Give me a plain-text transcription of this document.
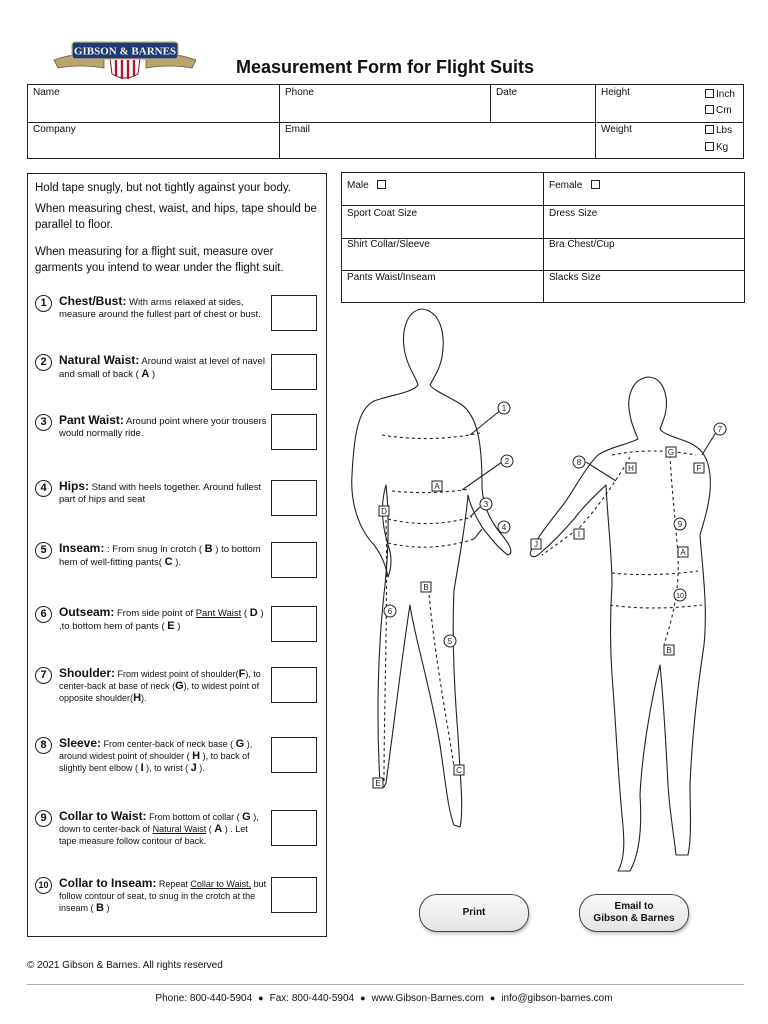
GIBSON & BARNES
Measurement Form for Flight Suits
Name	Phone	Date	Height
Company	Email	Weight
Inch
Cm
Lbs
Kg
Hold tape snugly, but not tightly against your body.
When measuring chest, waist, and hips, tape should be parallel to floor.
When measuring for a flight suit, measure over garments you intend to wear under the flight suit.
1	Chest/Bust: With arms relaxed at sides, measure around the fullest part of chest or bust.
2	Natural Waist: Around waist at level of navel and small of back ( A )
3	Pant Waist: Around point where your trousers would normally ride.
4	Hips: Stand with heels together. Around fullest part of hips and seat
5	Inseam: : From snug in crotch ( B ) to bottom hem of well-fitting pants( C ).
6	Outseam: From side point of Pant Waist ( D ) ,to bottom hem of pants ( E )
7	Shoulder: From widest point of shoulder(F), to center-back at base of neck (G), to widest point of opposite shoulder(H).
8	Sleeve: From center-back of neck base ( G ), around widest point of shoulder ( H ), to back of slightly bent elbow ( I ), to wrist ( J ).
9	Collar to Waist: From bottom of collar ( G ), down to center-back of Natural Waist ( A ) . Let tape measure follow contour of back.
10 Collar to Inseam: Repeat Collar to Waist, but follow contour of seat, to snug in the crotch at the inseam ( B )
Male	Female
Sport Coat Size	Dress Size
Shirt Collar/Sleeve	Bra Chest/Cup
Pants Waist/Inseam	Slacks Size
1
2
3
4
5
6
7
8
9
10
A
B
C
D
E
G
H	F
I
J
A
B
Print
Email to
Gibson & Barnes
© 2021 Gibson & Barnes. All rights reserved
Phone: 800-440-5904 ● Fax: 800-440-5904 ● www.Gibson-Barnes.com ● info@gibson-barnes.com
